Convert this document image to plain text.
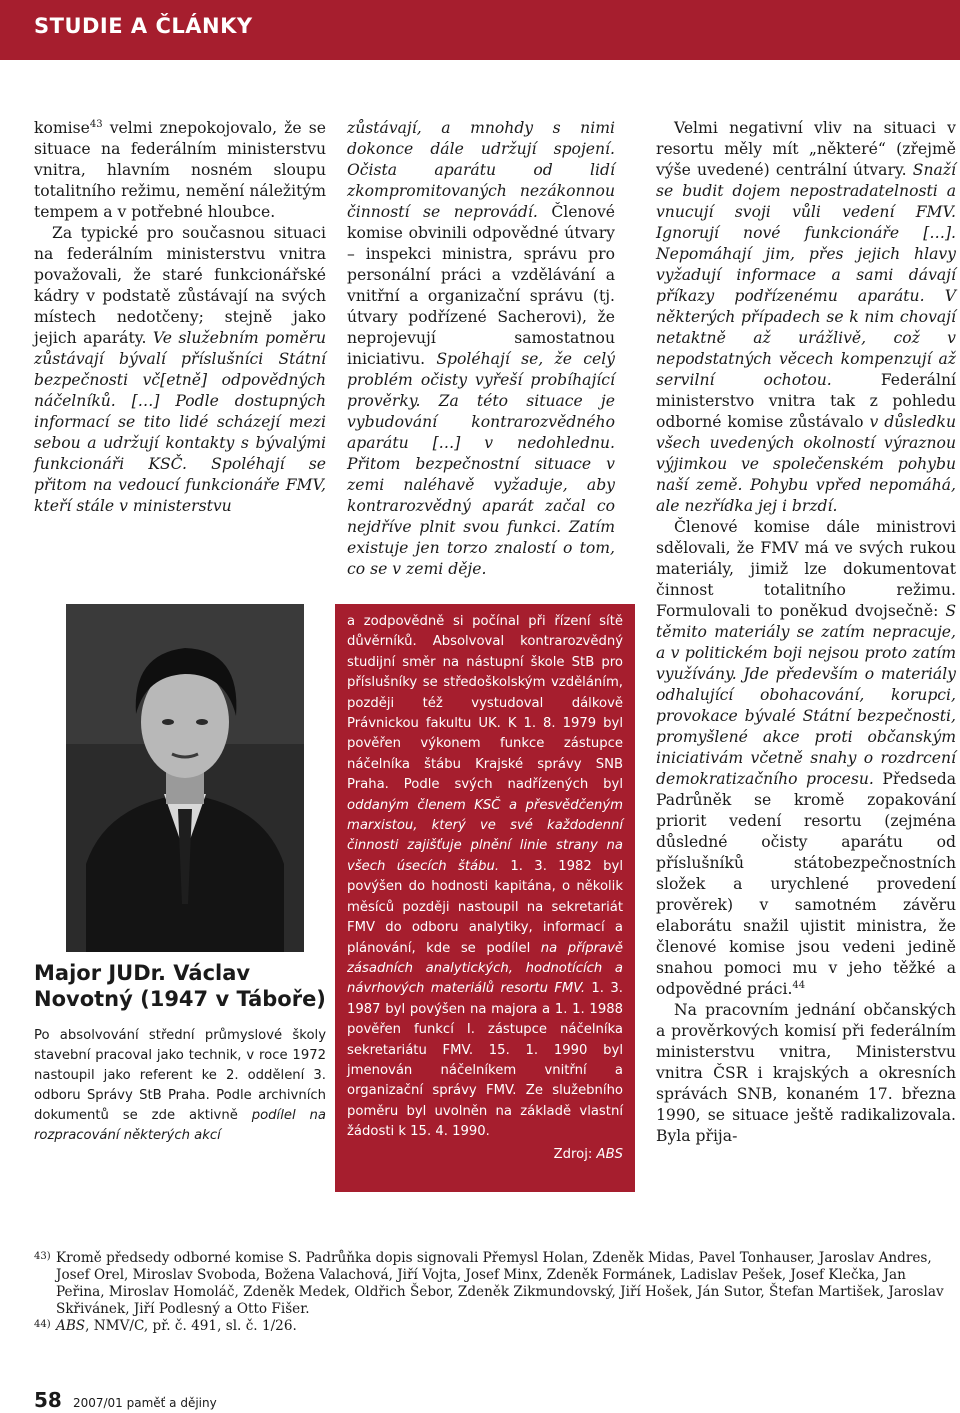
STUDIE A ČLÁNKY

komise$^{43}$ velmi znepokojovalo, že se situace na federálním ministerstvu vnitra, hlavním nosném sloupu totalitního režimu, nemění náležitým tempem a v potřebné hloubce.

Za typické pro současnou situaci na federálním ministerstvu vnitra považovali, že staré funkcionářské kádry v podstatě zůstávají na svých místech nedotčeny; stejně jako jejich aparáty. Ve služebním poměru zůstávají bývalí příslušníci Státní bezpečnosti vč[etně] odpovědných náčelníků. […] Podle dostupných informací se tito lidé scházejí mezi sebou a udržují kontakty s bývalými funkcionáři KSČ. Spoléhají se přitom na vedoucí funkcionáře FMV, kteří stále v ministerstvu

zůstávají, a mnohdy s nimi dokonce dále udržují spojení. Očista aparátu od lidí zkompromitovaných nezákonnou činností se neprovádí. Členové komise obvinili odpovědné útvary – inspekci ministra, správu pro personální práci a vzdělávání a vnitřní a organizační správu (tj. útvary podřízené Sacherovi), že neprojevují samostatnou iniciativu. Spoléhají se, že celý problém očisty vyřeší probíhající prověrky. Za této situace je vybudování kontrarozvědného aparátu […] v nedohlednu. Přitom bezpečnostní situace v zemi naléhavě vyžaduje, aby kontrarozvědný aparát začal co nejdříve plnit svou funkci. Zatím existuje jen torzo znalostí o tom, co se v zemi děje.

Velmi negativní vliv na situaci v resortu měly mít „některé“ (zřejmě výše uvedené) centrální útvary. Snaží se budit dojem nepostradatelnosti a vnucují svoji vůli vedení FMV. Ignorují nové funkcionáře […]. Nepomáhají jim, přes jejich hlavy vyžadují informace a sami dávají příkazy podřízenému aparátu. V některých případech se k nim chovají netaktně až urážlivě, což v nepodstatných věcech kompenzují až servilní ochotou. Federální ministerstvo vnitra tak z pohledu odborné komise zůstávalo v důsledku všech uvedených okolností výraznou výjimkou ve společenském pohybu naší země. Pohybu vpřed nepomáhá, ale nezřídka jej i brzdí.

Členové komise dále ministrovi sdělovali, že FMV má ve svých rukou materiály, jimiž lze dokumentovat činnost totalitního režimu. Formulovali to poněkud dvojsečně: S těmito materiály se zatím nepracuje, a v politickém boji nejsou proto zatím využívány. Jde především o materiály odhalující obohacování, korupci, provokace bývalé Státní bezpečnosti, promyšlené akce proti občanským iniciativám včetně snahy o rozdrcení demokratizačního procesu. Předseda Padrůněk se kromě zopakování priorit vedení resortu (zejména důsledné očisty aparátu od příslušníků státobezpečnostních složek a urychlené provedení prověrek) v samotném závěru elaborátu snažil ujistit ministra, že členové komise jsou vedeni jedině snahou pomoci mu v jeho těžké a odpovědné práci.$^{44}$

Na pracovním jednání občanských a prověrkových komisí při federálním ministerstvu vnitra, Ministerstvu vnitra ČSR i krajských a okresních správách SNB, konaném 17. března 1990, se situace ještě radikalizovala. Byla přija-

Major JUDr. Václav Novotný (1947 v Táboře)
Po absolvování střední průmyslové školy stavební pracoval jako technik, v roce 1972 nastoupil jako referent ke 2. oddělení 3. odboru Správy StB Praha. Podle archivních dokumentů se zde aktivně podílel na rozpracování některých akcí
a zodpovědně si počínal při řízení sítě důvěrníků. Absolvoval kontrarozvědný studijní směr na nástupní škole StB pro příslušníky se středoškolským vzděláním, později též vystudoval dálkově Právnickou fakultu UK. K 1. 8. 1979 byl pověřen výkonem funkce zástupce náčelníka štábu Krajské správy SNB Praha. Podle svých nadřízených byl oddaným členem KSČ a přesvědčeným marxistou, který ve své každodenní činnosti zajišťuje plnění linie strany na všech úsecích štábu. 1. 3. 1982 byl povýšen do hodnosti kapitána, o několik měsíců později nastoupil na sekretariát FMV do odboru analytiky, informací a plánování, kde se podílel na přípravě zásadních analytických, hodnotících a návrhových materiálů resortu FMV. 1. 3. 1987 byl povýšen na majora a 1. 1. 1988 pověřen funkcí I. zástupce náčelníka sekretariátu FMV. 15. 1. 1990 byl jmenován náčelníkem vnitřní a organizační správy FMV. Ze služebního poměru byl uvolněn na základě vlastní žádosti k 15. 4. 1990.
Zdroj: ABS
43) Kromě předsedy odborné komise S. Padrůňka dopis signovali Přemysl Holan, Zdeněk Midas, Pavel Tonhauser, Jaroslav Andres, Josef Orel, Miroslav Svoboda, Božena Valachová, Jiří Vojta, Josef Minx, Zdeněk Formánek, Ladislav Pešek, Josef Klečka, Jan Peřina, Miroslav Homoláč, Zdeněk Medek, Oldřich Šebor, Zdeněk Zikmundovský, Jiří Hošek, Ján Sutor, Štefan Martišek, Jaroslav Skřivánek, Jiří Podlesný a Otto Fišer.
44) ABS, NMV/C, př. č. 491, sl. č. 1/26.
58 2007/01 paměť a dějiny
